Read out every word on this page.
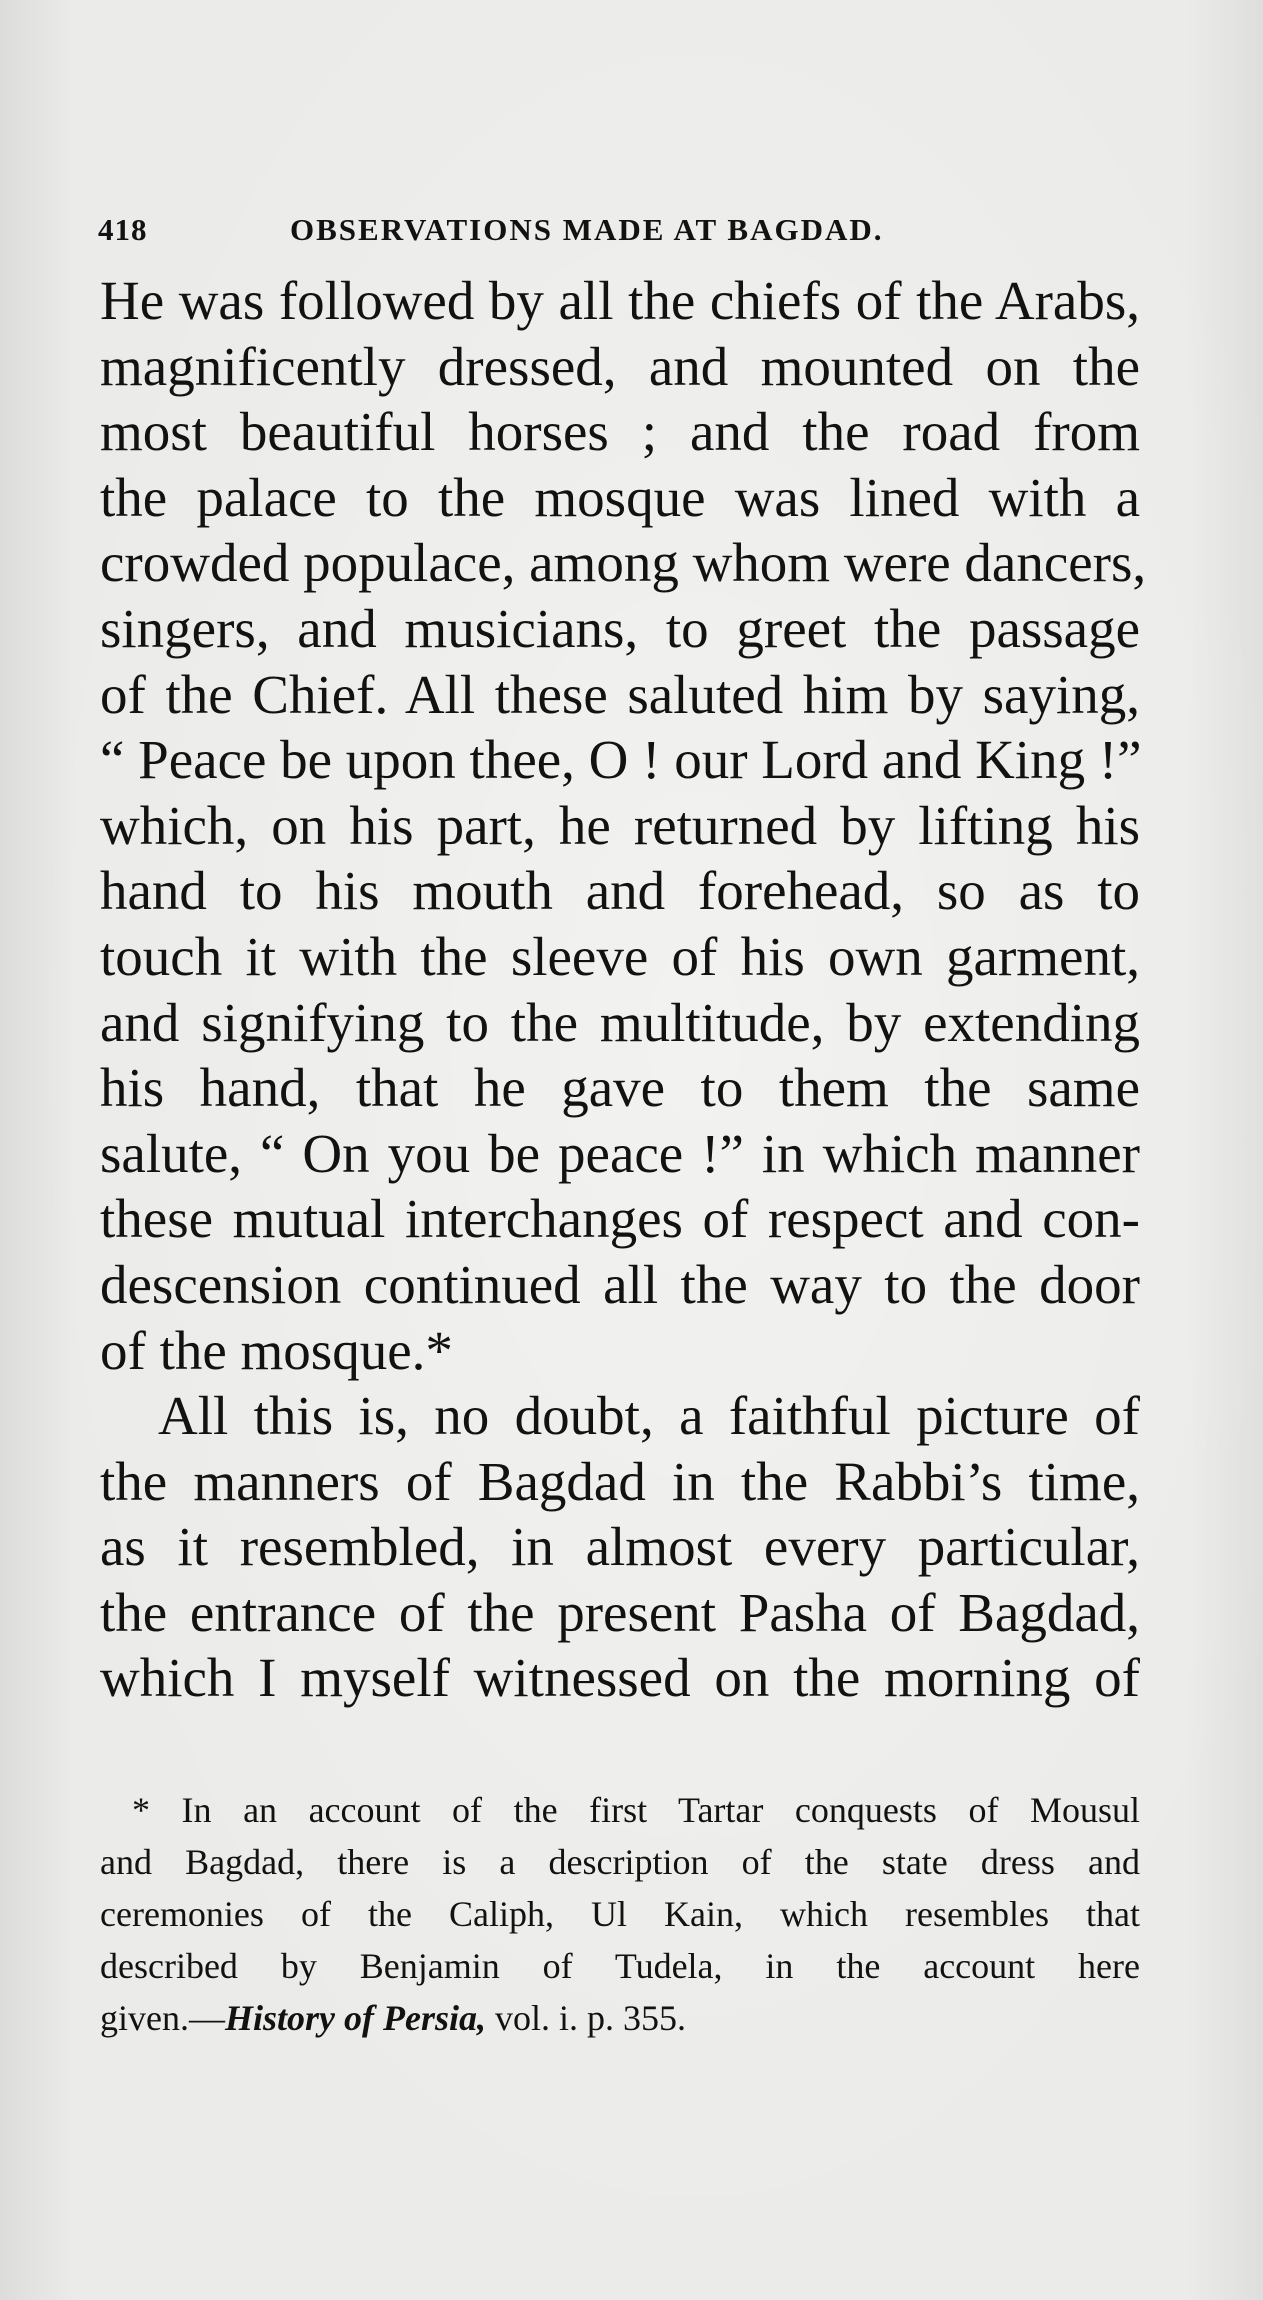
418	OBSERVATIONS MADE AT BAGDAD.
He was followed by all the chiefs of the Arabs,
magnificently dressed, and mounted on the
most beautiful horses ; and the road from
the palace to the mosque was lined with a
crowded populace, among whom were dancers,
singers, and musicians, to greet the passage
of the Chief. All these saluted him by saying,
“ Peace be upon thee, O ! our Lord and King !”
which, on his part, he returned by lifting his
hand to his mouth and forehead, so as to
touch it with the sleeve of his own garment,
and signifying to the multitude, by extending
his hand, that he gave to them the same
salute, “ On you be peace !” in which manner
these mutual interchanges of respect and con-
descension continued all the way to the door
of the mosque.*
All this is, no doubt, a faithful picture of
the manners of Bagdad in the Rabbi’s time,
as it resembled, in almost every particular,
the entrance of the present Pasha of Bagdad,
which I myself witnessed on the morning of
* In an account of the first Tartar conquests of Mousul
and Bagdad, there is a description of the state dress and
ceremonies of the Caliph, Ul Kain, which resembles that
described by Benjamin of Tudela, in the account here
given.—History of Persia, vol. i. p. 355.
